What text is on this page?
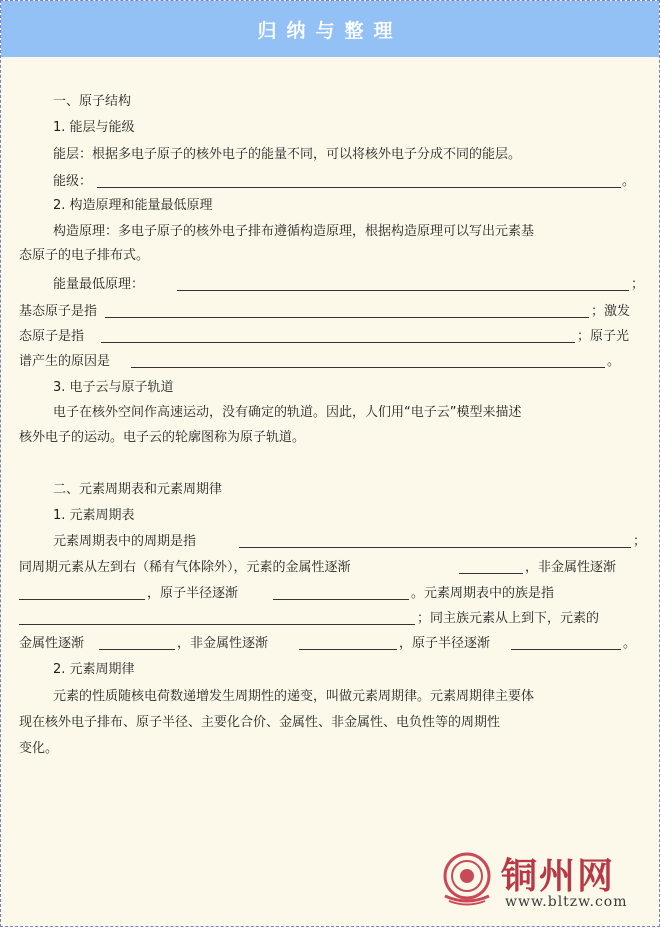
归纳与整理
一、原子结构
1. 能层与能级
能层：根据多电子原子的核外电子的能量不同，可以将核外电子分成不同的能层。
能级：	。
2. 构造原理和能量最低原理
构造原理：多电子原子的核外电子排布遵循构造原理，根据构造原理可以写出元素基
态原子的电子排布式。
能量最低原理：	；
基态原子是指	；激发
态原子是指	；原子光
谱产生的原因是	。
3. 电子云与原子轨道
电子在核外空间作高速运动，没有确定的轨道。因此，人们用“电子云”模型来描述
核外电子的运动。电子云的轮廓图称为原子轨道。
二、元素周期表和元素周期律
1. 元素周期表
元素周期表中的周期是指	；
同周期元素从左到右（稀有气体除外），元素的金属性逐渐	，非金属性逐渐
，原子半径逐渐	。元素周期表中的族是指
；同主族元素从上到下，元素的
金属性逐渐	，非金属性逐渐	，原子半径逐渐	。
2. 元素周期律
元素的性质随核电荷数递增发生周期性的递变，叫做元素周期律。元素周期律主要体
现在核外电子排布、原子半径、主要化合价、金属性、非金属性、电负性等的周期性
变化。
铜州网
www.bltzw.com
